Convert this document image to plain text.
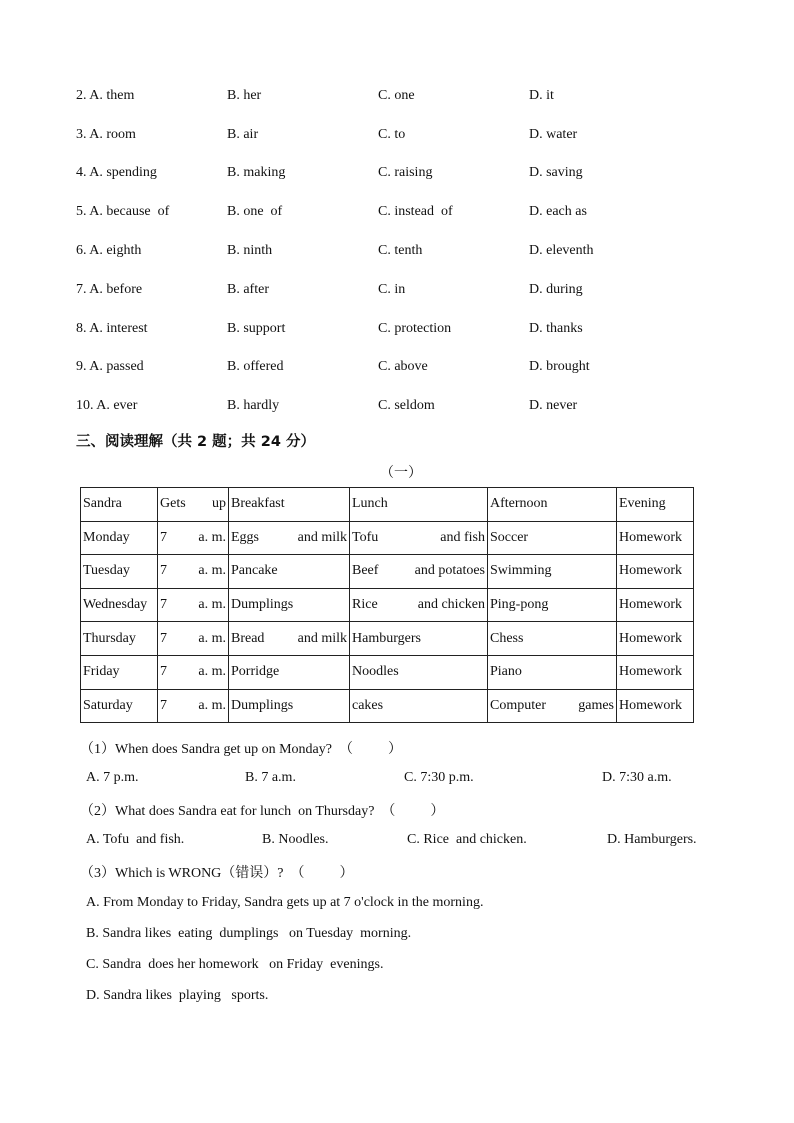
2. A. them	B. her	C. one	D. it
3. A. room	B. air	C. to	D. water
4. A. spending	B. making	C. raising	D. saving
5. A. because  of	B. one  of	C. instead  of	D. each as
6. A. eighth	B. ninth	C. tenth	D. eleventh
7. A. before	B. after	C. in	D. during
8. A. interest	B. support	C. protection	D. thanks
9. A. passed	B. offered	C. above	D. brought
10. A. ever	B. hardly	C. seldom	D. never
三、阅读理解（共 2 题；共 24 分）
（一）
Sandra	Gets up	Breakfast	Lunch	Afternoon	Evening
Monday	7 a. m.	Eggs and milk	Tofu and fish	Soccer	Homework
Tuesday	7 a. m.	Pancake	Beef and potatoes	Swimming	Homework
Wednesday	7 a. m.	Dumplings	Rice and chicken	Ping-pong	Homework
Thursday	7 a. m.	Bread and milk	Hamburgers	Chess	Homework
Friday	7 a. m.	Porridge	Noodles	Piano	Homework
Saturday	7 a. m.	Dumplings	cakes	Computer games	Homework
（1）When does Sandra get up on Monday?  （          ）
A. 7 p.m.	B. 7 a.m.	C. 7:30 p.m.	D. 7:30 a.m.
（2）What does Sandra eat for lunch  on Thursday?  （          ）
A. Tofu  and fish.	B. Noodles.	C. Rice  and chicken.	D. Hamburgers.
（3）Which is WRONG（错误）?  （          ）
A. From Monday to Friday, Sandra gets up at 7 o'clock in the morning.
B. Sandra likes  eating  dumplings   on Tuesday  morning.
C. Sandra  does her homework   on Friday  evenings.
D. Sandra likes  playing   sports.
